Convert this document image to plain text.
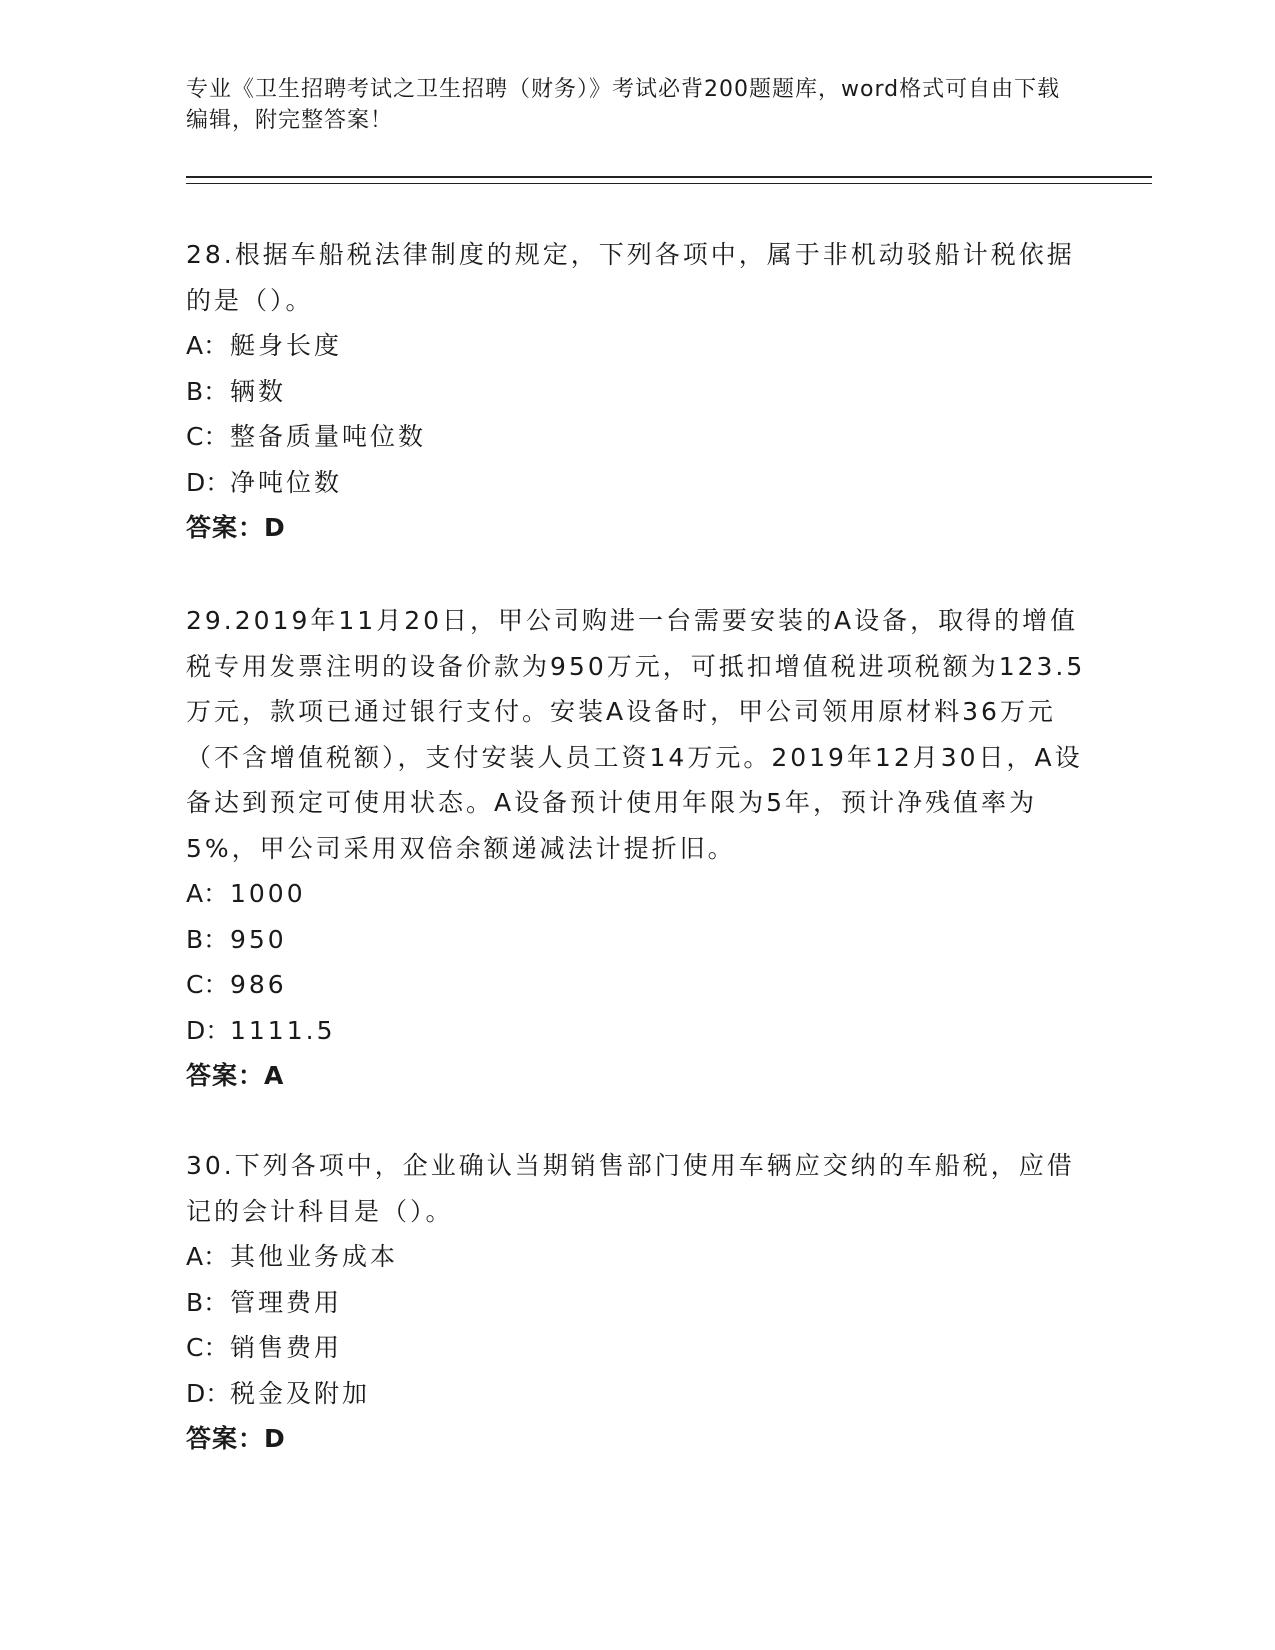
专业《卫生招聘考试之卫生招聘（财务）》考试必背200题题库，word格式可自由下载编辑，附完整答案！

28.根据车船税法律制度的规定，下列各项中，属于非机动驳船计税依据的是（）。

A：艇身长度

B：辆数

C：整备质量吨位数

D：净吨位数

答案：D

29.2019年11月20日，甲公司购进一台需要安装的A设备，取得的增值税专用发票注明的设备价款为950万元，可抵扣增值税进项税额为123.5万元，款项已通过银行支付。安装A设备时，甲公司领用原材料36万元（不含增值税额），支付安装人员工资14万元。2019年12月30日，A设备达到预定可使用状态。A设备预计使用年限为5年，预计净残值率为5%，甲公司采用双倍余额递减法计提折旧。

A：1000

B：950

C：986

D：1111.5

答案：A

30.下列各项中，企业确认当期销售部门使用车辆应交纳的车船税，应借记的会计科目是（）。

A：其他业务成本

B：管理费用

C：销售费用

D：税金及附加

答案：D
